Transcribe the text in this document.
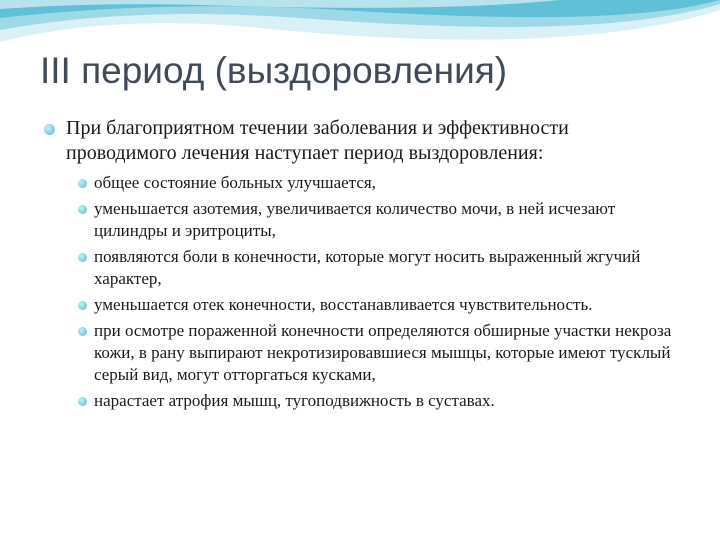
III период (выздоровления)
При благоприятном течении заболевания и эффективности проводимого лечения наступает период выздоровления:
общее состояние больных улучшается,
уменьшается азотемия, увеличивается количество мочи, в ней исчезают цилиндры и эритроциты,
появляются боли в конечности, которые могут носить выраженный жгучий характер,
уменьшается отек конечности, восстанавливается чувствительность.
при осмотре пораженной конечности определяются обширные участки некроза кожи, в рану выпирают некротизировавшиеся мышцы, которые имеют тусклый серый вид, могут отторгаться кусками,
нарастает атрофия мышц, тугоподвижность в суставах.
